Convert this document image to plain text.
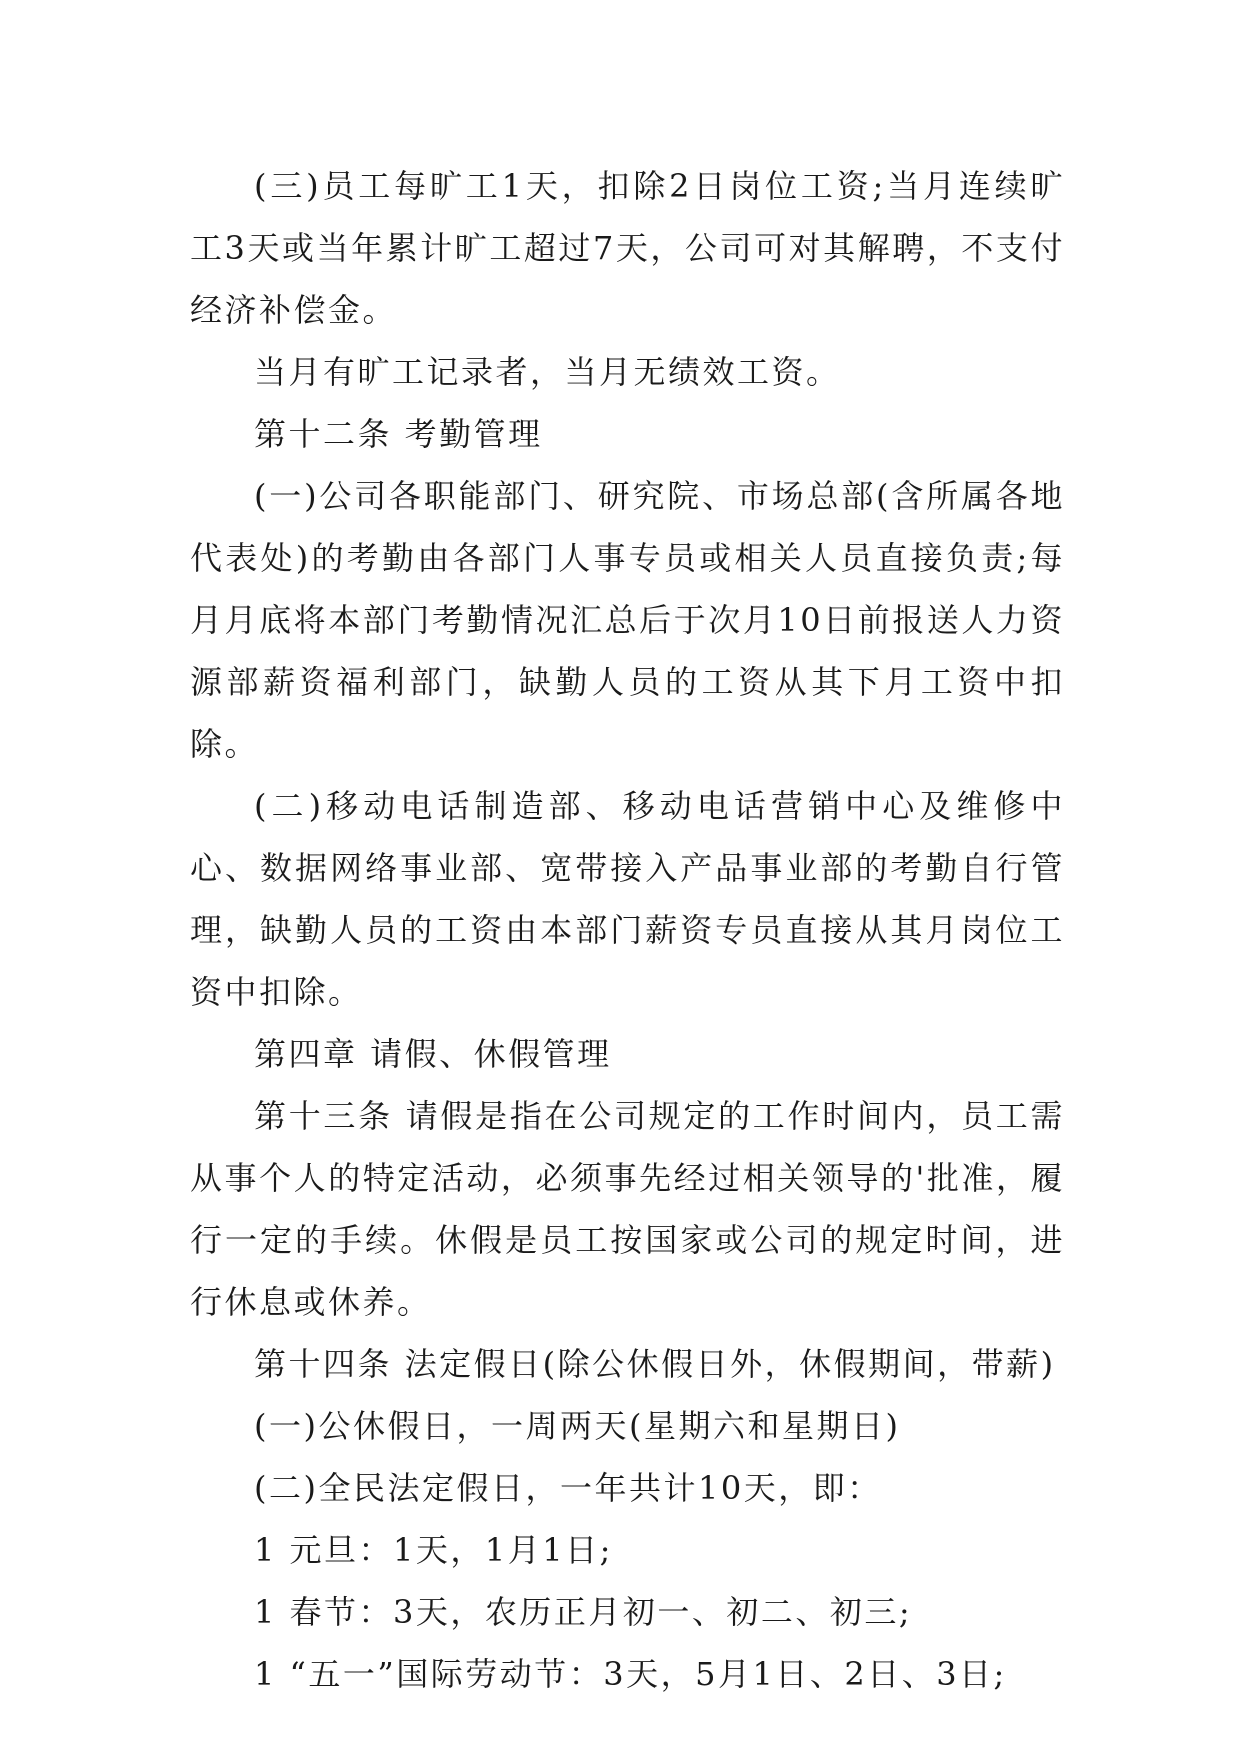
(三)员工每旷工1天，扣除2日岗位工资;当月连续旷工3天或当年累计旷工超过7天，公司可对其解聘，不支付经济补偿金。

当月有旷工记录者，当月无绩效工资。

第十二条 考勤管理

(一)公司各职能部门、研究院、市场总部(含所属各地代表处)的考勤由各部门人事专员或相关人员直接负责;每月月底将本部门考勤情况汇总后于次月10日前报送人力资源部薪资福利部门，缺勤人员的工资从其下月工资中扣除。

(二)移动电话制造部、移动电话营销中心及维修中心、数据网络事业部、宽带接入产品事业部的考勤自行管理，缺勤人员的工资由本部门薪资专员直接从其月岗位工资中扣除。

第四章 请假、休假管理

第十三条 请假是指在公司规定的工作时间内，员工需从事个人的特定活动，必须事先经过相关领导的'批准，履行一定的手续。休假是员工按国家或公司的规定时间，进行休息或休养。

第十四条 法定假日(除公休假日外，休假期间，带薪)

(一)公休假日，一周两天(星期六和星期日)

(二)全民法定假日，一年共计10天，即：

1 元旦：1天，1月1日;

1 春节：3天，农历正月初一、初二、初三;

1 “五一”国际劳动节：3天，5月1日、2日、3日;
